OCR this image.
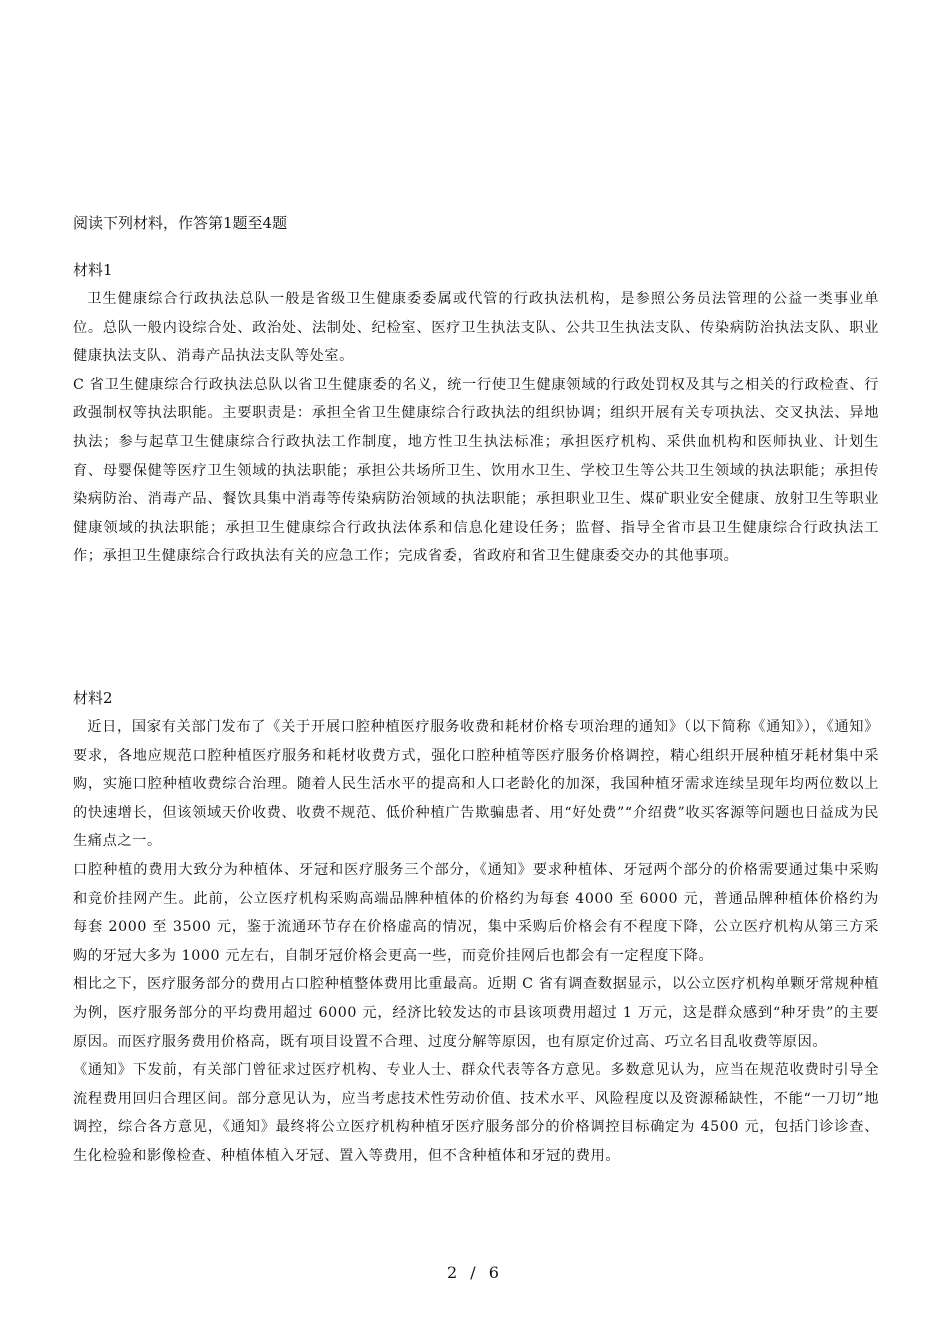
阅读下列材料，作答第1题至4题
材料1

卫生健康综合行政执法总队一般是省级卫生健康委委属或代管的行政执法机构，是参照公务员法管理的公益一类事业单位。总队一般内设综合处、政治处、法制处、纪检室、医疗卫生执法支队、公共卫生执法支队、传染病防治执法支队、职业健康执法支队、消毒产品执法支队等处室。

C 省卫生健康综合行政执法总队以省卫生健康委的名义，统一行使卫生健康领域的行政处罚权及其与之相关的行政检查、行政强制权等执法职能。主要职责是：承担全省卫生健康综合行政执法的组织协调；组织开展有关专项执法、交叉执法、异地执法；参与起草卫生健康综合行政执法工作制度，地方性卫生执法标准；承担医疗机构、采供血机构和医师执业、计划生育、母婴保健等医疗卫生领域的执法职能；承担公共场所卫生、饮用水卫生、学校卫生等公共卫生领域的执法职能；承担传染病防治、消毒产品、餐饮具集中消毒等传染病防治领域的执法职能；承担职业卫生、煤矿职业安全健康、放射卫生等职业健康领域的执法职能；承担卫生健康综合行政执法体系和信息化建设任务；监督、指导全省市县卫生健康综合行政执法工作；承担卫生健康综合行政执法有关的应急工作；完成省委，省政府和省卫生健康委交办的其他事项。

材料2

近日，国家有关部门发布了《关于开展口腔种植医疗服务收费和耗材价格专项治理的通知》（以下简称《通知》），《通知》要求，各地应规范口腔种植医疗服务和耗材收费方式，强化口腔种植等医疗服务价格调控，精心组织开展种植牙耗材集中采购，实施口腔种植收费综合治理。随着人民生活水平的提高和人口老龄化的加深，我国种植牙需求连续呈现年均两位数以上的快速增长，但该领域天价收费、收费不规范、低价种植广告欺骗患者、用“好处费”“介绍费”收买客源等问题也日益成为民生痛点之一。

口腔种植的费用大致分为种植体、牙冠和医疗服务三个部分，《通知》要求种植体、牙冠两个部分的价格需要通过集中采购和竞价挂网产生。此前，公立医疗机构采购高端品牌种植体的价格约为每套 4000 至 6000 元，普通品牌种植体价格约为每套 2000 至 3500 元，鉴于流通环节存在价格虚高的情况，集中采购后价格会有不程度下降，公立医疗机构从第三方采购的牙冠大多为 1000 元左右，自制牙冠价格会更高一些，而竞价挂网后也都会有一定程度下降。

相比之下，医疗服务部分的费用占口腔种植整体费用比重最高。近期 C 省有调查数据显示，以公立医疗机构单颗牙常规种植为例，医疗服务部分的平均费用超过 6000 元，经济比较发达的市县该项费用超过 1 万元，这是群众感到“种牙贵”的主要原因。而医疗服务费用价格高，既有项目设置不合理、过度分解等原因，也有原定价过高、巧立名目乱收费等原因。

《通知》下发前，有关部门曾征求过医疗机构、专业人士、群众代表等各方意见。多数意见认为，应当在规范收费时引导全流程费用回归合理区间。部分意见认为，应当考虑技术性劳动价值、技术水平、风险程度以及资源稀缺性，不能“一刀切”地调控，综合各方意见，《通知》最终将公立医疗机构种植牙医疗服务部分的价格调控目标确定为 4500 元，包括门诊诊查、生化检验和影像检查、种植体植入牙冠、置入等费用，但不含种植体和牙冠的费用。

2 / 6
